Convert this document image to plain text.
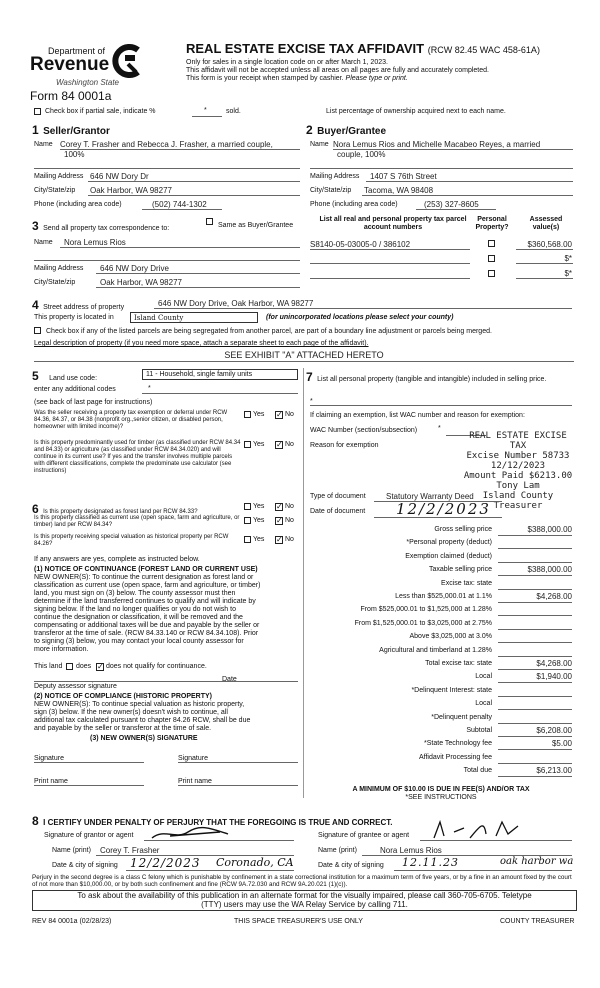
Department of
Revenue
Washington State
Form 84 0001a
REAL ESTATE EXCISE TAX AFFIDAVIT (RCW 82.45 WAC 458-61A)
Only for sales in a single location code on or after March 1, 2023.
This affidavit will not be accepted unless all areas on all pages are fully and accurately completed.
This form is your receipt when stamped by cashier. Please type or print.
Check box if partial sale, indicate %	*	sold.	List percentage of ownership acquired next to each name.
1 Seller/Grantor
Name Corey T. Frasher and Rebecca J. Frasher, a married couple,
100%
Mailing Address 646 NW Dory Dr
City/State/zip Oak Harbor, WA 98277
Phone (including area code)	(502) 744-1302
2 Buyer/Grantee
Name Nora Lemus Rios and Michelle Macabeo Reyes, a married
couple, 100%
Mailing Address 1407 S 76th Street
City/State/zip Tacoma, WA 98408
Phone (including area code)	(253) 327-8605
3 Send all property tax correspondence to:	Same as Buyer/Grantee
Name Nora Lemus Rios
Mailing Address 646 NW Dory Drive
City/State/zip	Oak Harbor, WA 98277
List all real and personal property tax parcel account numbers
Personal Property?
Assessed value(s)
S8140-05-03005-0 / 386102	$360,568.00
$*
$*
4 Street address of property	646 NW Dory Drive, Oak Harbor, WA 98277
This property is located in	Island County	(for unincorporated locations please select your county)
Check box if any of the listed parcels are being segregated from another parcel, are part of a boundary line adjustment or parcels being merged.
Legal description of property (if you need more space, attach a separate sheet to each page of the affidavit).
SEE EXHIBIT "A" ATTACHED HERETO
5 Land use code:
11 - Household, single family units
enter any additional codes	*
(see back of last page for instructions)
Was the seller receiving a property tax exemption or deferral under RCW 84.36, 84.37, or 84.38 (nonprofit org.,senior citizen, or disabled person, homeowner with limited income)?
Yes ✓ No
Is this property predominantly used for timber (as classified under RCW 84.34 and 84.33) or agriculture (as classified under RCW 84.34.020) and will continue in its current use? If yes and the transfer involves multiple parcels with different classifications, complete the predominate use calculator (see instructions)
Yes ✓ No
6 Is this property designated as forest land per RCW 84.33?
Yes ✓ No
Is this property classified as current use (open space, farm and agriculture, or timber) land per RCW 84.34?
Yes ✓ No
Is this property receiving special valuation as historical property per RCW 84.26?
Yes ✓ No
If any answers are yes, complete as instructed below.
(1) NOTICE OF CONTINUANCE (FOREST LAND OR CURRENT USE)
NEW OWNER(S): To continue the current designation as forest land or
classification as current use (open space, farm and agriculture, or timber)
land, you must sign on (3) below. The county assessor must then
determine if the land transferred continues to qualify and will indicate by
signing below. If the land no longer qualifies or you do not wish to
continue the designation or classification, it will be removed and the
compensating or additional taxes will be due and payable by the seller or
transferor at the time of sale. (RCW 84.33.140 or RCW 84.34.108). Prior
to signing (3) below, you may contact your local county assessor for
more information.
This land does ✓ does not qualify for continuance.
Deputy assessor signature
Date
(2) NOTICE OF COMPLIANCE (HISTORIC PROPERTY)
NEW OWNER(S): To continue special valuation as historic property,
sign (3) below. If the new owner(s) doesn't wish to continue, all
additional tax calculated pursuant to chapter 84.26 RCW, shall be due
and payable by the seller or transferor at the time of sale.
(3) NEW OWNER(S) SIGNATURE
Signature	Signature
Print name	Print name
7 List all personal property (tangible and intangible) included in selling price.
*
If claiming an exemption, list WAC number and reason for exemption:
WAC Number (section/subsection)	*
Reason for exemption
REAL ESTATE EXCISE TAX
Excise Number 58733
12/12/2023
Amount Paid $6213.00
Tony Lam
Island County Treasurer
Type of document	Statutory Warranty Deed
Date of document 12/2/2023
Gross selling price	$388,000.00
*Personal property (deduct)
Exemption claimed (deduct)
Taxable selling price	$388,000.00
Excise tax: state
Less than $525,000.01 at 1.1%	$4,268.00
From $525,000.01 to $1,525,000 at 1.28%
From $1,525,000.01 to $3,025,000 at 2.75%
Above $3,025,000 at 3.0%
Agricultural and timberland at 1.28%
Total excise tax: state	$4,268.00
Local	$1,940.00
*Delinquent Interest: state
Local
*Delinquent penalty
Subtotal	$6,208.00
*State Technology fee	$5.00
Affidavit Processing fee
Total due	$6,213.00
A MINIMUM OF $10.00 IS DUE IN FEE(S) AND/OR TAX
*SEE INSTRUCTIONS
8 I CERTIFY UNDER PENALTY OF PERJURY THAT THE FOREGOING IS TRUE AND CORRECT.
Signature of grantor or agent	Signature of grantee or agent
Name (print) Corey T. Frasher	Name (print)	Nora Lemus Rios
Date & city of signing 12/2/2023 Coronado, CA	Date & city of signing 12.11.23	oak harbor wa
Perjury in the second degree is a class C felony which is punishable by confinement in a state correctional institution for a maximum term of five years, or by a fine in an amount fixed by the court of not more than $10,000.00, or by both such confinement and fine (RCW 9A.72.030 and RCW 9A.20.021 (1)(c)).
To ask about the availability of this publication in an alternate format for the visually impaired, please call 360-705-6705. Teletype
(TTY) users may use the WA Relay Service by calling 711.
REV 84 0001a (02/28/23)	THIS SPACE TREASURER'S USE ONLY	COUNTY TREASURER
